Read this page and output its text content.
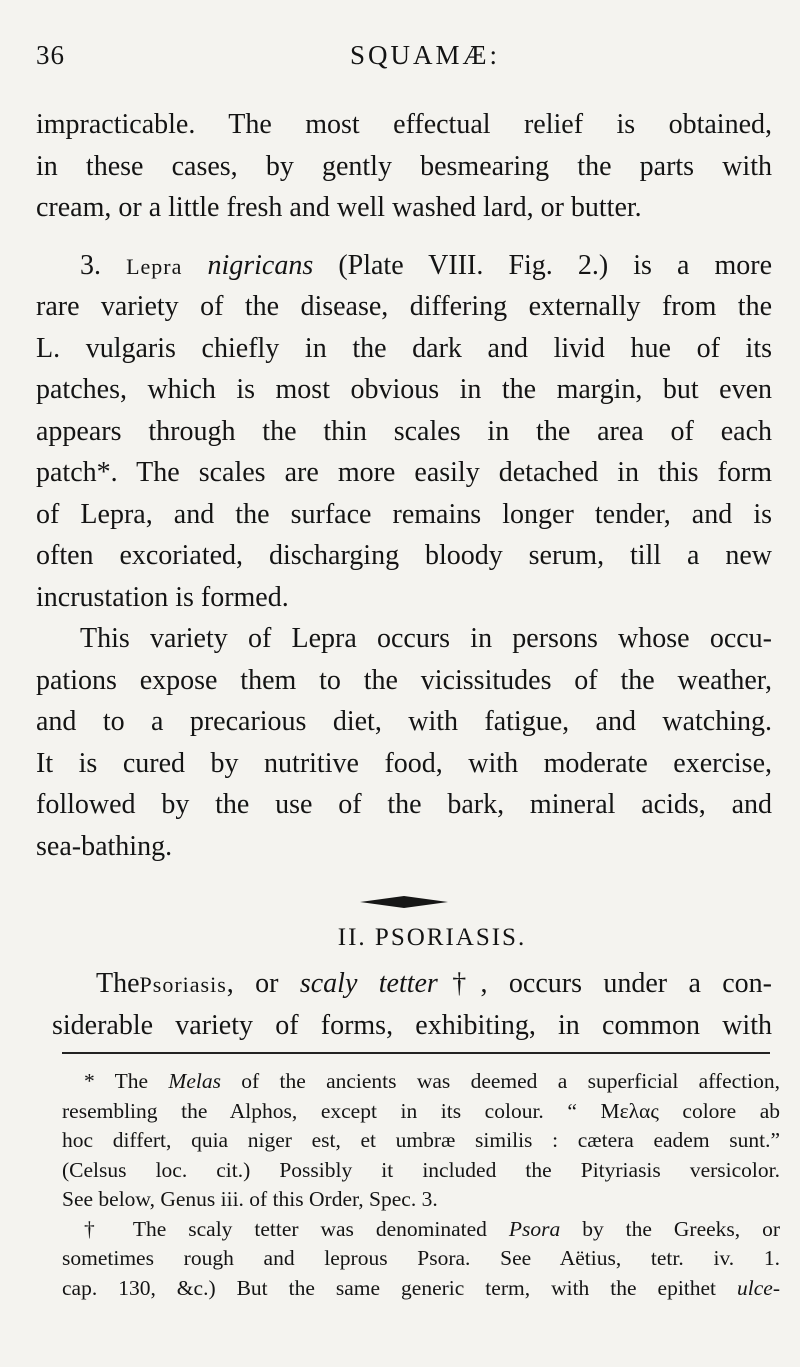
36	SQUAMÆ:
impracticable. The most effectual relief is obtained,
in these cases, by gently besmearing the parts with
cream, or a little fresh and well washed lard, or butter.
3. Lepra nigricans (Plate VIII. Fig. 2.) is a more
rare variety of the disease, differing externally from the
L. vulgaris chiefly in the dark and livid hue of its
patches, which is most obvious in the margin, but even
appears through the thin scales in the area of each
patch*. The scales are more easily detached in this form
of Lepra, and the surface remains longer tender, and is
often excoriated, discharging bloody serum, till a new
incrustation is formed.
This variety of Lepra occurs in persons whose occu-
pations expose them to the vicissitudes of the weather,
and to a precarious diet, with fatigue, and watching.
It is cured by nutritive food, with moderate exercise,
followed by the use of the bark, mineral acids, and
sea-bathing.
II. PSORIASIS.
ThePsoriasis, or scaly tetter†, occurs under a con-
siderable variety of forms, exhibiting, in common with
* The Melas of the ancients was deemed a superficial affection,
resembling the Alphos, except in its colour. “ Μελας colore ab
hoc differt, quia niger est, et umbræ similis : cætera eadem sunt.”
(Celsus loc. cit.) Possibly it included the Pityriasis versicolor.
See below, Genus iii. of this Order, Spec. 3.
† The scaly tetter was denominated Psora by the Greeks, or
sometimes rough and leprous Psora. See Aëtius, tetr. iv. 1.
cap. 130, &c.) But the same generic term, with the epithet ulce-
